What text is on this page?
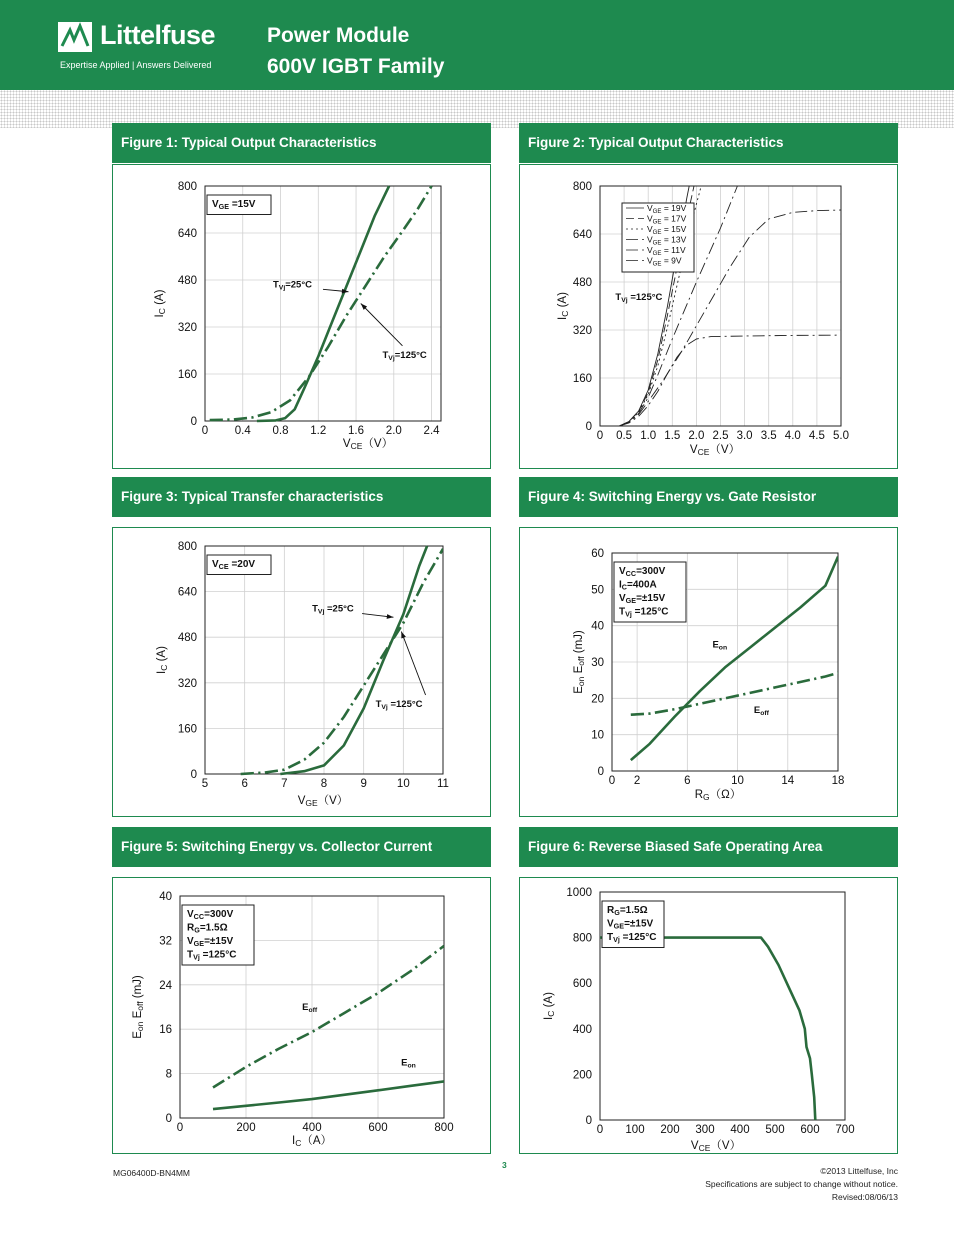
Littelfuse
Expertise Applied | Answers Delivered
Power Module
600V IGBT Family
Figure 1: Typical Output Characteristics	Figure 2: Typical Output Characteristics
Figure 3: Typical Transfer characteristics	Figure 4: Switching Energy vs. Gate Resistor
Figure 5: Switching Energy vs. Collector Current	Figure 6: Reverse Biased Safe Operating Area
0 0.4 0.8 1.2 1.6 2.0 2.4
0
160
320
480
640
800
VCE（V）
IC (A)
$V_{GE} =15V$
$T_{Vj}=25^\circ C$
$T_{Vj}=125^\circ C$
0 0.5 1.0 1.5 2.0 2.5 3.0 3.5 4.0 4.5 5.0
0
160
320
480
640
800
VCE（V）
IC (A)
$V_{GE} = 19V$
$V_{GE} = 17V$
$V_{GE} = 15V$
$V_{GE} = 13V$
$V_{GE} = 11V$
$V_{GE} = 9V$
$T_{Vj} =125^\circ C$
5	6	7	8	9	10 11
0
160
320
480
640
800
VGE（V）
IC (A)
$V_{CE} =20V$
$T_{Vj} =25^\circ C$
$T_{Vj} =125^\circ C$
0 2	6	10	14	18
0
10
20
30
40
50
60
RG（Ω）
Eon Eoff (mJ)
$V_{CC}=300V$
$I_C=400A$
$V_{GE}=\pm 15V$
$T_{Vj} =125^\circ C$
$E_{on}$
$E_{off}$
0	200	400	600	800
0
8
16
24
32
40
IC（A）
Eon Eoff (mJ)
$V_{CC}=300V$
$R_G=1.5\Omega$
$V_{GE}=\pm 15V$
$T_{Vj} =125^\circ C$
$E_{off}$
$E_{on}$
0 100 200 300 400 500 600 700
0
200
400
600
800
1000
VCE（V）
IC (A)
$R_G=1.5\Omega$
$V_{GE}=\pm 15V$
$T_{Vj} =125^\circ C$
MG06400D-BN4MM
3
©2013 Littelfuse, Inc
Specifications are subject to change without notice.
Revised:08/06/13
